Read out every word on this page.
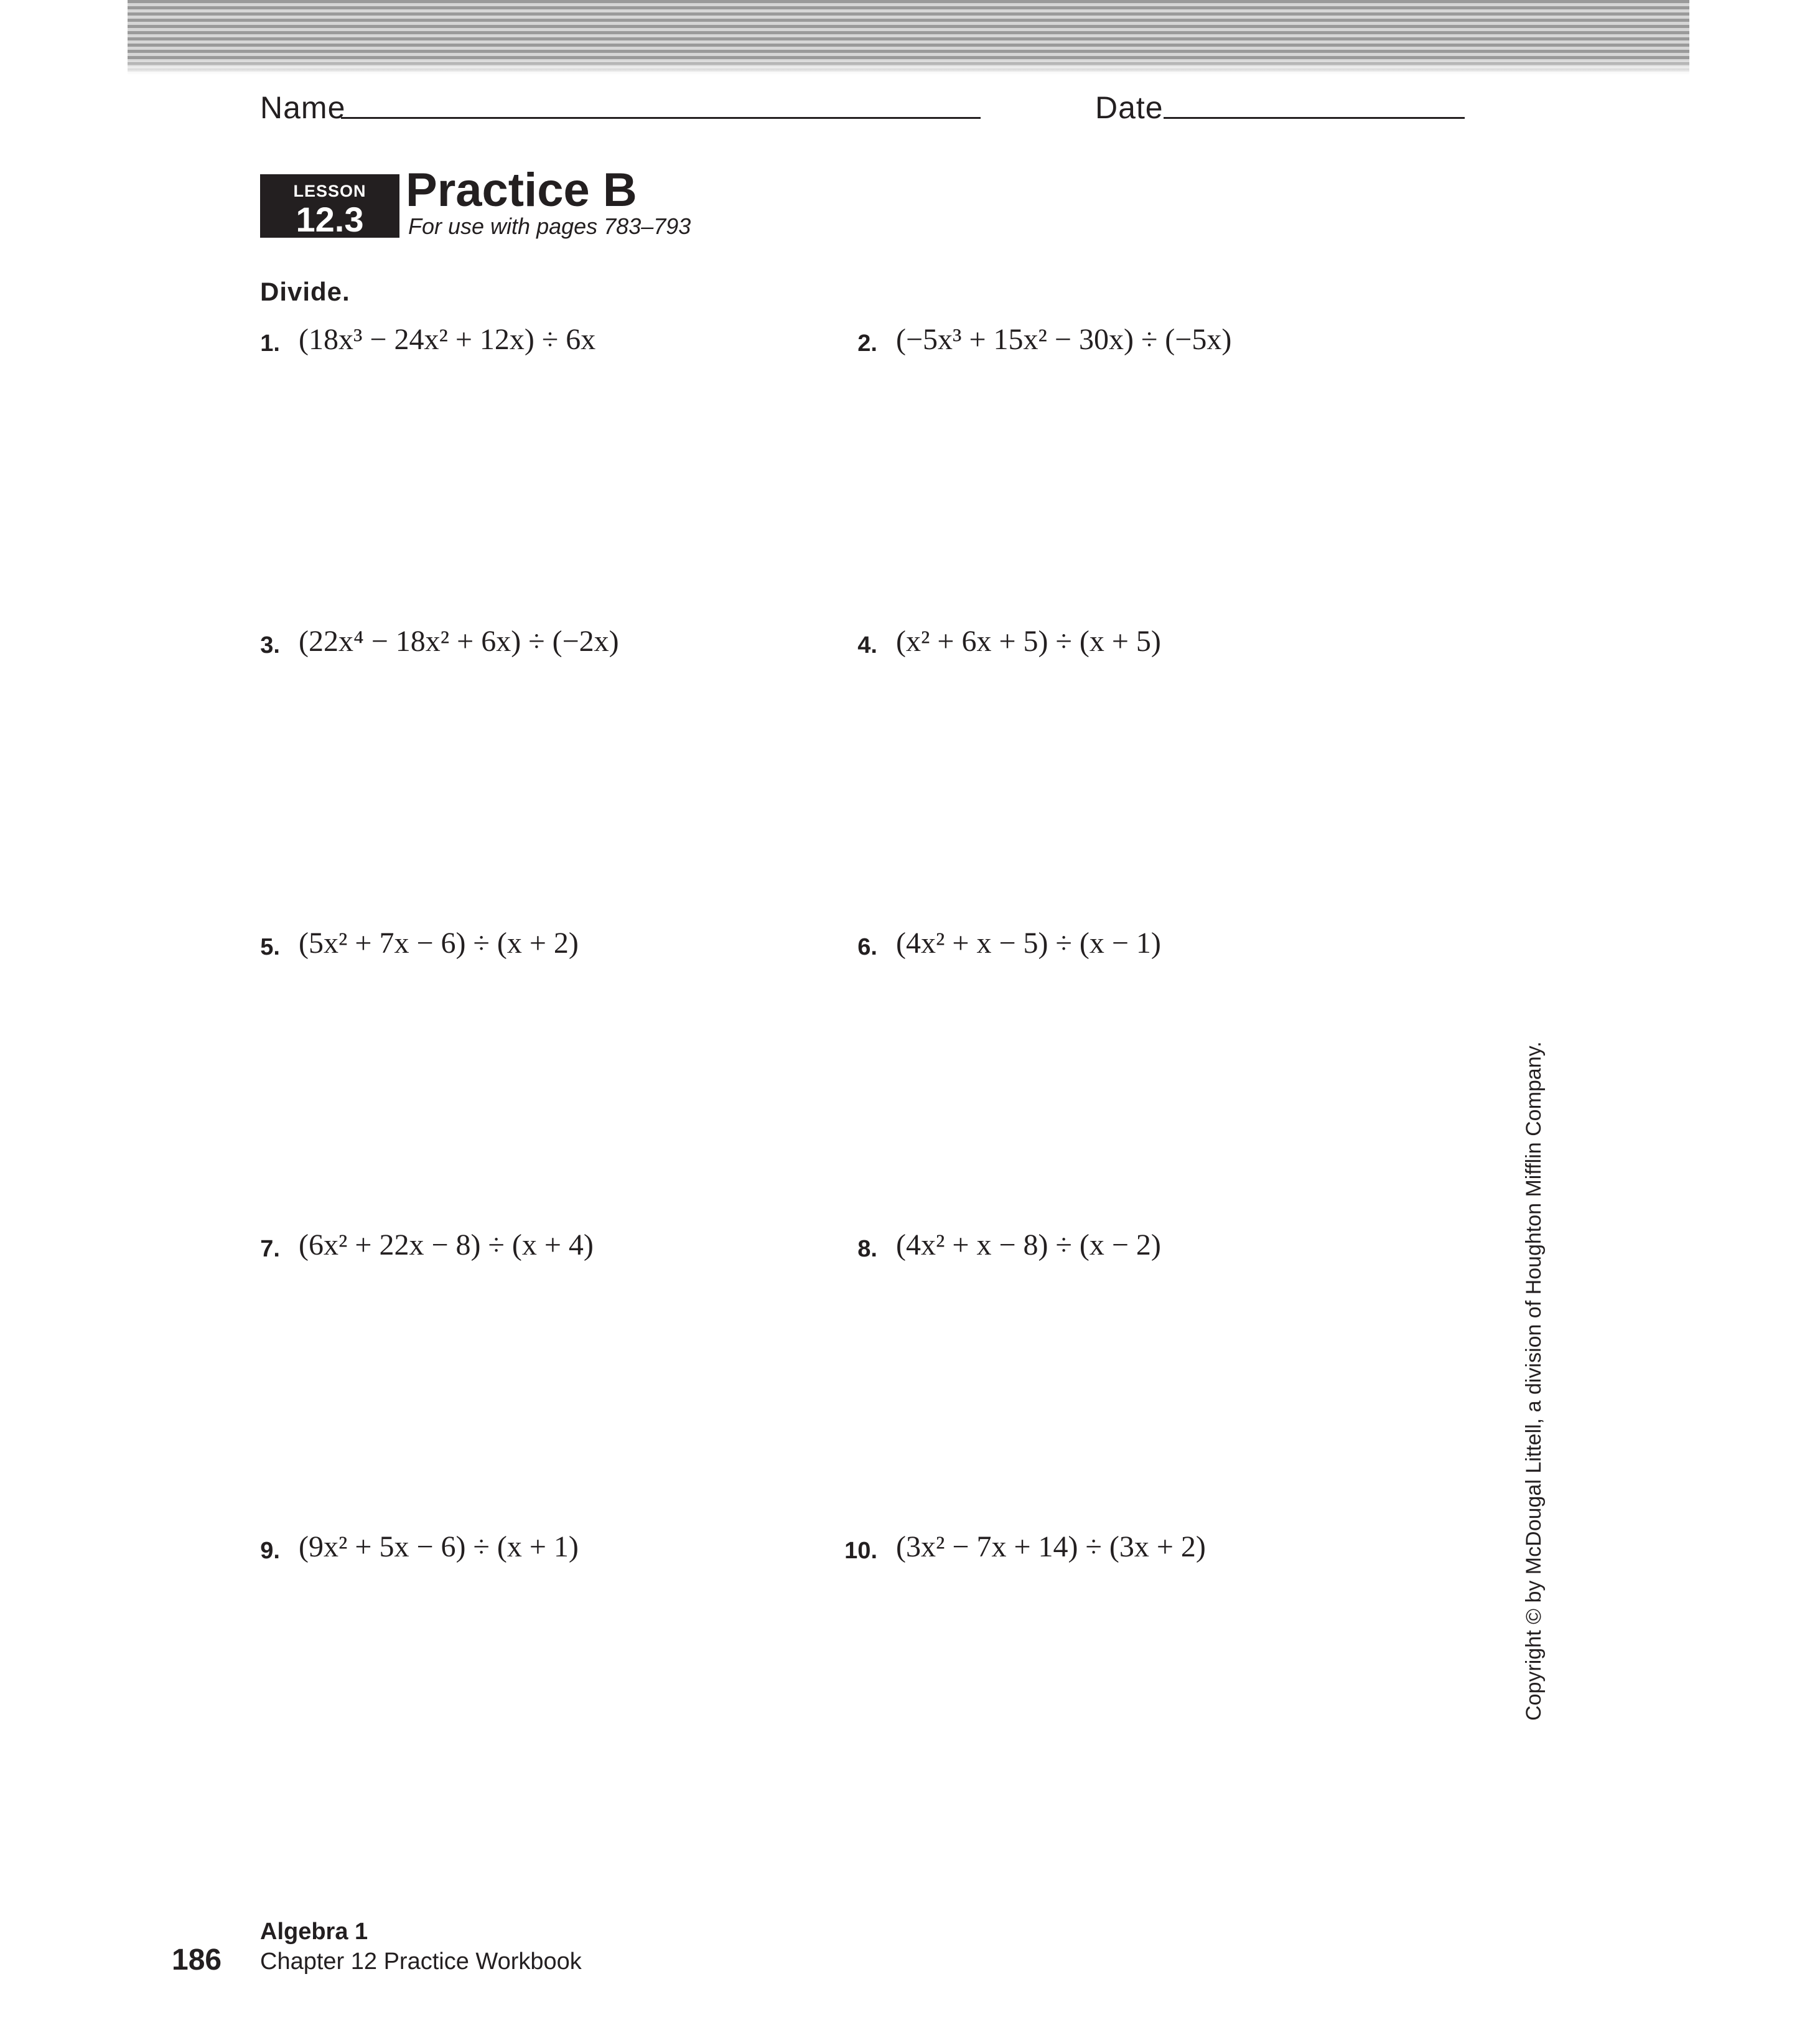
Name	Date
LESSON
12.3
Practice B
For use with pages 783–793
Divide.
1. (18x³ − 24x² + 12x) ÷ 6x	2. (−5x³ + 15x² − 30x) ÷ (−5x)
3. (22x⁴ − 18x² + 6x) ÷ (−2x)	4. (x² + 6x + 5) ÷ (x + 5)
5. (5x² + 7x − 6) ÷ (x + 2)	6. (4x² + x − 5) ÷ (x − 1)
7. (6x² + 22x − 8) ÷ (x + 4)	8. (4x² + x − 8) ÷ (x − 2)
9. (9x² + 5x − 6) ÷ (x + 1)	10. (3x² − 7x + 14) ÷ (3x + 2)	Copyright © by McDougal Littell, a division of Houghton Mifflin Company.
186
Algebra 1
Chapter 12 Practice Workbook
